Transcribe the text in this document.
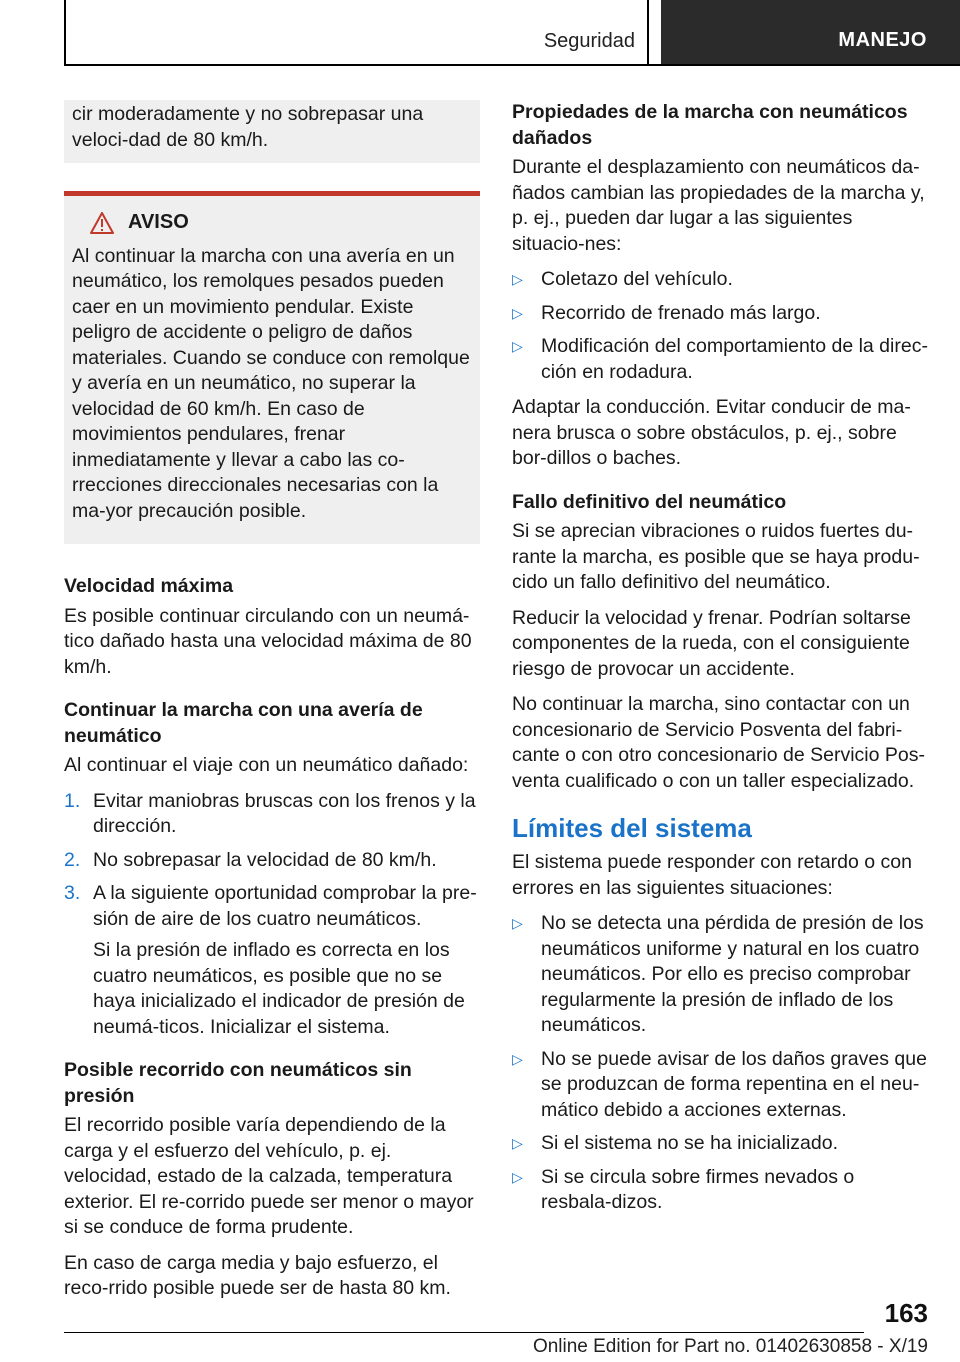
Seguridad	MANEJO

cir moderadamente y no sobrepasar una veloci‐dad de 80 km/h.

AVISO

Al continuar la marcha con una avería en un neumático, los remolques pesados pueden caer en un movimiento pendular. Existe peligro de accidente o peligro de daños materiales. Cuando se conduce con remolque y avería en un neumático, no superar la velocidad de 60 km/h. En caso de movimientos pendulares, frenar inmediatamente y llevar a cabo las co‐rrecciones direccionales necesarias con la ma‐yor precaución posible.

Velocidad máxima

Es posible continuar circulando con un neumá‐tico dañado hasta una velocidad máxima de 80 km/h.

Continuar la marcha con una avería de neumático

Al continuar el viaje con un neumático dañado:

1. Evitar maniobras bruscas con los frenos y la dirección.
2. No sobrepasar la velocidad de 80 km/h.
3. A la siguiente oportunidad comprobar la pre‐sión de aire de los cuatro neumáticos.
Si la presión de inflado es correcta en los cuatro neumáticos, es posible que no se haya inicializado el indicador de presión de neumá‐ticos. Inicializar el sistema.
Posible recorrido con neumáticos sin presión

El recorrido posible varía dependiendo de la carga y el esfuerzo del vehículo, p. ej. velocidad, estado de la calzada, temperatura exterior. El re‐corrido puede ser menor o mayor si se conduce de forma prudente.

En caso de carga media y bajo esfuerzo, el reco‐rrido posible puede ser de hasta 80 km.

Propiedades de la marcha con neumáticos dañados

Durante el desplazamiento con neumáticos da‐ñados cambian las propiedades de la marcha y, p. ej., pueden dar lugar a las siguientes situacio‐nes:

▷ Coletazo del vehículo.
▷ Recorrido de frenado más largo.
▷ Modificación del comportamiento de la direc‐ción en rodadura.

Adaptar la conducción. Evitar conducir de ma‐nera brusca o sobre obstáculos, p. ej., sobre bor‐dillos o baches.

Fallo definitivo del neumático

Si se aprecian vibraciones o ruidos fuertes du‐rante la marcha, es posible que se haya produ‐cido un fallo definitivo del neumático.

Reducir la velocidad y frenar. Podrían soltarse componentes de la rueda, con el consiguiente riesgo de provocar un accidente.

No continuar la marcha, sino contactar con un concesionario de Servicio Posventa del fabri‐cante o con otro concesionario de Servicio Pos‐venta cualificado o con un taller especializado.

Límites del sistema

El sistema puede responder con retardo o con errores en las siguientes situaciones:

▷ No se detecta una pérdida de presión de los neumáticos uniforme y natural en los cuatro neumáticos. Por ello es preciso comprobar regularmente la presión de inflado de los neumáticos.
▷ No se puede avisar de los daños graves que se produzcan de forma repentina en el neu‐mático debido a acciones externas.
▷ Si el sistema no se ha inicializado.
▷ Si se circula sobre firmes nevados o resbala‐dizos.
163
Online Edition for Part no. 01402630858 - X/19
